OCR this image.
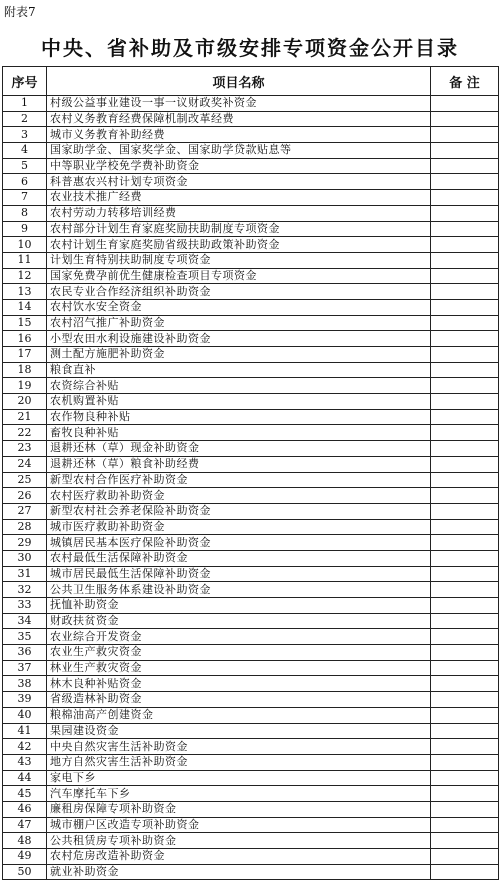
附表7
中央、省补助及市级安排专项资金公开目录
序号	项目名称	备 注
1	村级公益事业建设一事一议财政奖补资金	
2	农村义务教育经费保障机制改革经费	
3	城市义务教育补助经费	
4	国家助学金、国家奖学金、国家助学贷款贴息等	
5	中等职业学校免学费补助资金	
6	科普惠农兴村计划专项资金	
7	农业技术推广经费	
8	农村劳动力转移培训经费	
9	农村部分计划生育家庭奖励扶助制度专项资金	
10	农村计划生育家庭奖励省级扶助政策补助资金	
11	计划生育特别扶助制度专项资金	
12	国家免费孕前优生健康检查项目专项资金	
13	农民专业合作经济组织补助资金	
14	农村饮水安全资金	
15	农村沼气推广补助资金	
16	小型农田水利设施建设补助资金	
17	测土配方施肥补助资金	
18	粮食直补	
19	农资综合补贴	
20	农机购置补贴	
21	农作物良种补贴	
22	畜牧良种补贴	
23	退耕还林（草）现金补助资金	
24	退耕还林（草）粮食补助经费	
25	新型农村合作医疗补助资金	
26	农村医疗救助补助资金	
27	新型农村社会养老保险补助资金	
28	城市医疗救助补助资金	
29	城镇居民基本医疗保险补助资金	
30	农村最低生活保障补助资金	
31	城市居民最低生活保障补助资金	
32	公共卫生服务体系建设补助资金	
33	抚恤补助资金	
34	财政扶贫资金	
35	农业综合开发资金	
36	农业生产救灾资金	
37	林业生产救灾资金	
38	林木良种补贴资金	
39	省级造林补助资金	
40	粮棉油高产创建资金	
41	果园建设资金	
42	中央自然灾害生活补助资金	
43	地方自然灾害生活补助资金	
44	家电下乡	
45	汽车摩托车下乡	
46	廉租房保障专项补助资金	
47	城市棚户区改造专项补助资金	
48	公共租赁房专项补助资金	
49	农村危房改造补助资金	
50	就业补助资金	
